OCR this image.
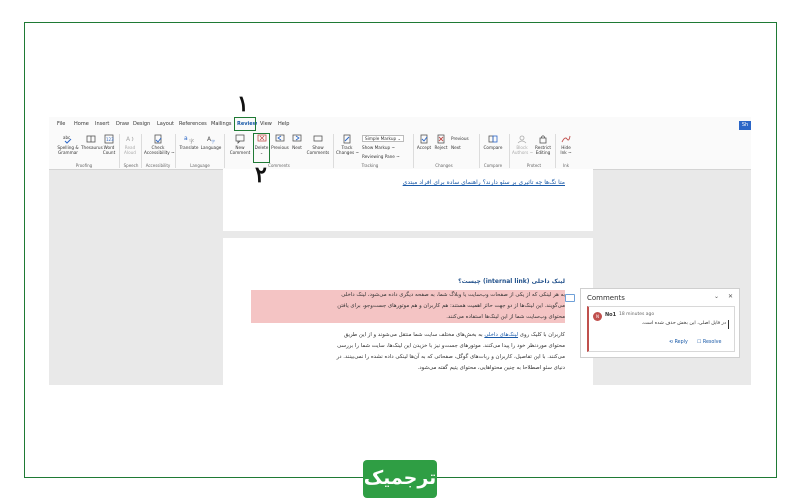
File Home Insert Draw Design Layout References Mailings Review View Help	Sh
abc
Spelling &
Grammar
Thesaurus
123
Word
Count
Proofing
A
Read
Aloud
Speech
Check
Accessibility ~
Accessibility
a 字
Translate
A 字
Language
Language
New
Comment
Delete
⌄
Previous Next	Show
Comments
Comments
Track
Changes ~
Simple Markup ⌄
Show Markup ~
Reviewing Pane ~
Tracking
Accept Reject
Previous
Next
Changes
Compare
Compare
Block
Authors ~
Restrict
Editing
Protect
Hide
Ink ~
Ink
متا تگ‌ها چه تاثیری بر سئو دارند؟ راهنمای ساده برای افراد مبتدی
لینک داخلی (internal link) چیست؟
به هر لینکی که از یکی از صفحات وب‌سایت یا وبلاگ شما، به صفحه دیگری داده می‌شود، لینک داخلی
می‌گویند. این لینک‌ها از دو جهت حائز اهمیت هستند: هم کاربران و هم موتورهای جست‌وجو، برای یافتن
محتوای وب‌سایت شما از این لینک‌ها استفاده می‌کنند.
کاربران با کلیک روی لینک‌های داخلی به بخش‌های مختلف سایت شما منتقل می‌شوند و از این طریق
محتوای موردنظر خود را پیدا می‌کنند. موتورهای جست‌و نیز با خزیدن این لینک‌ها، سایت شما را بررسی
می‌کنند. با این تفاصیل، کاربران و ربات‌های گوگل، صفحاتی که به آن‌ها لینکی داده نشده را نمی‌بینند. در
دنیای سئو اصطلاحا به چنین محتواهایی، محتوای یتیم گفته می‌شود.
Comments	⌄ ✕
N	No1 18 minutes ago
در فایل اصلی، این بخش حذف شده است.
⟲ Reply ☐ Resolve
۱
۲
ترجمیک
